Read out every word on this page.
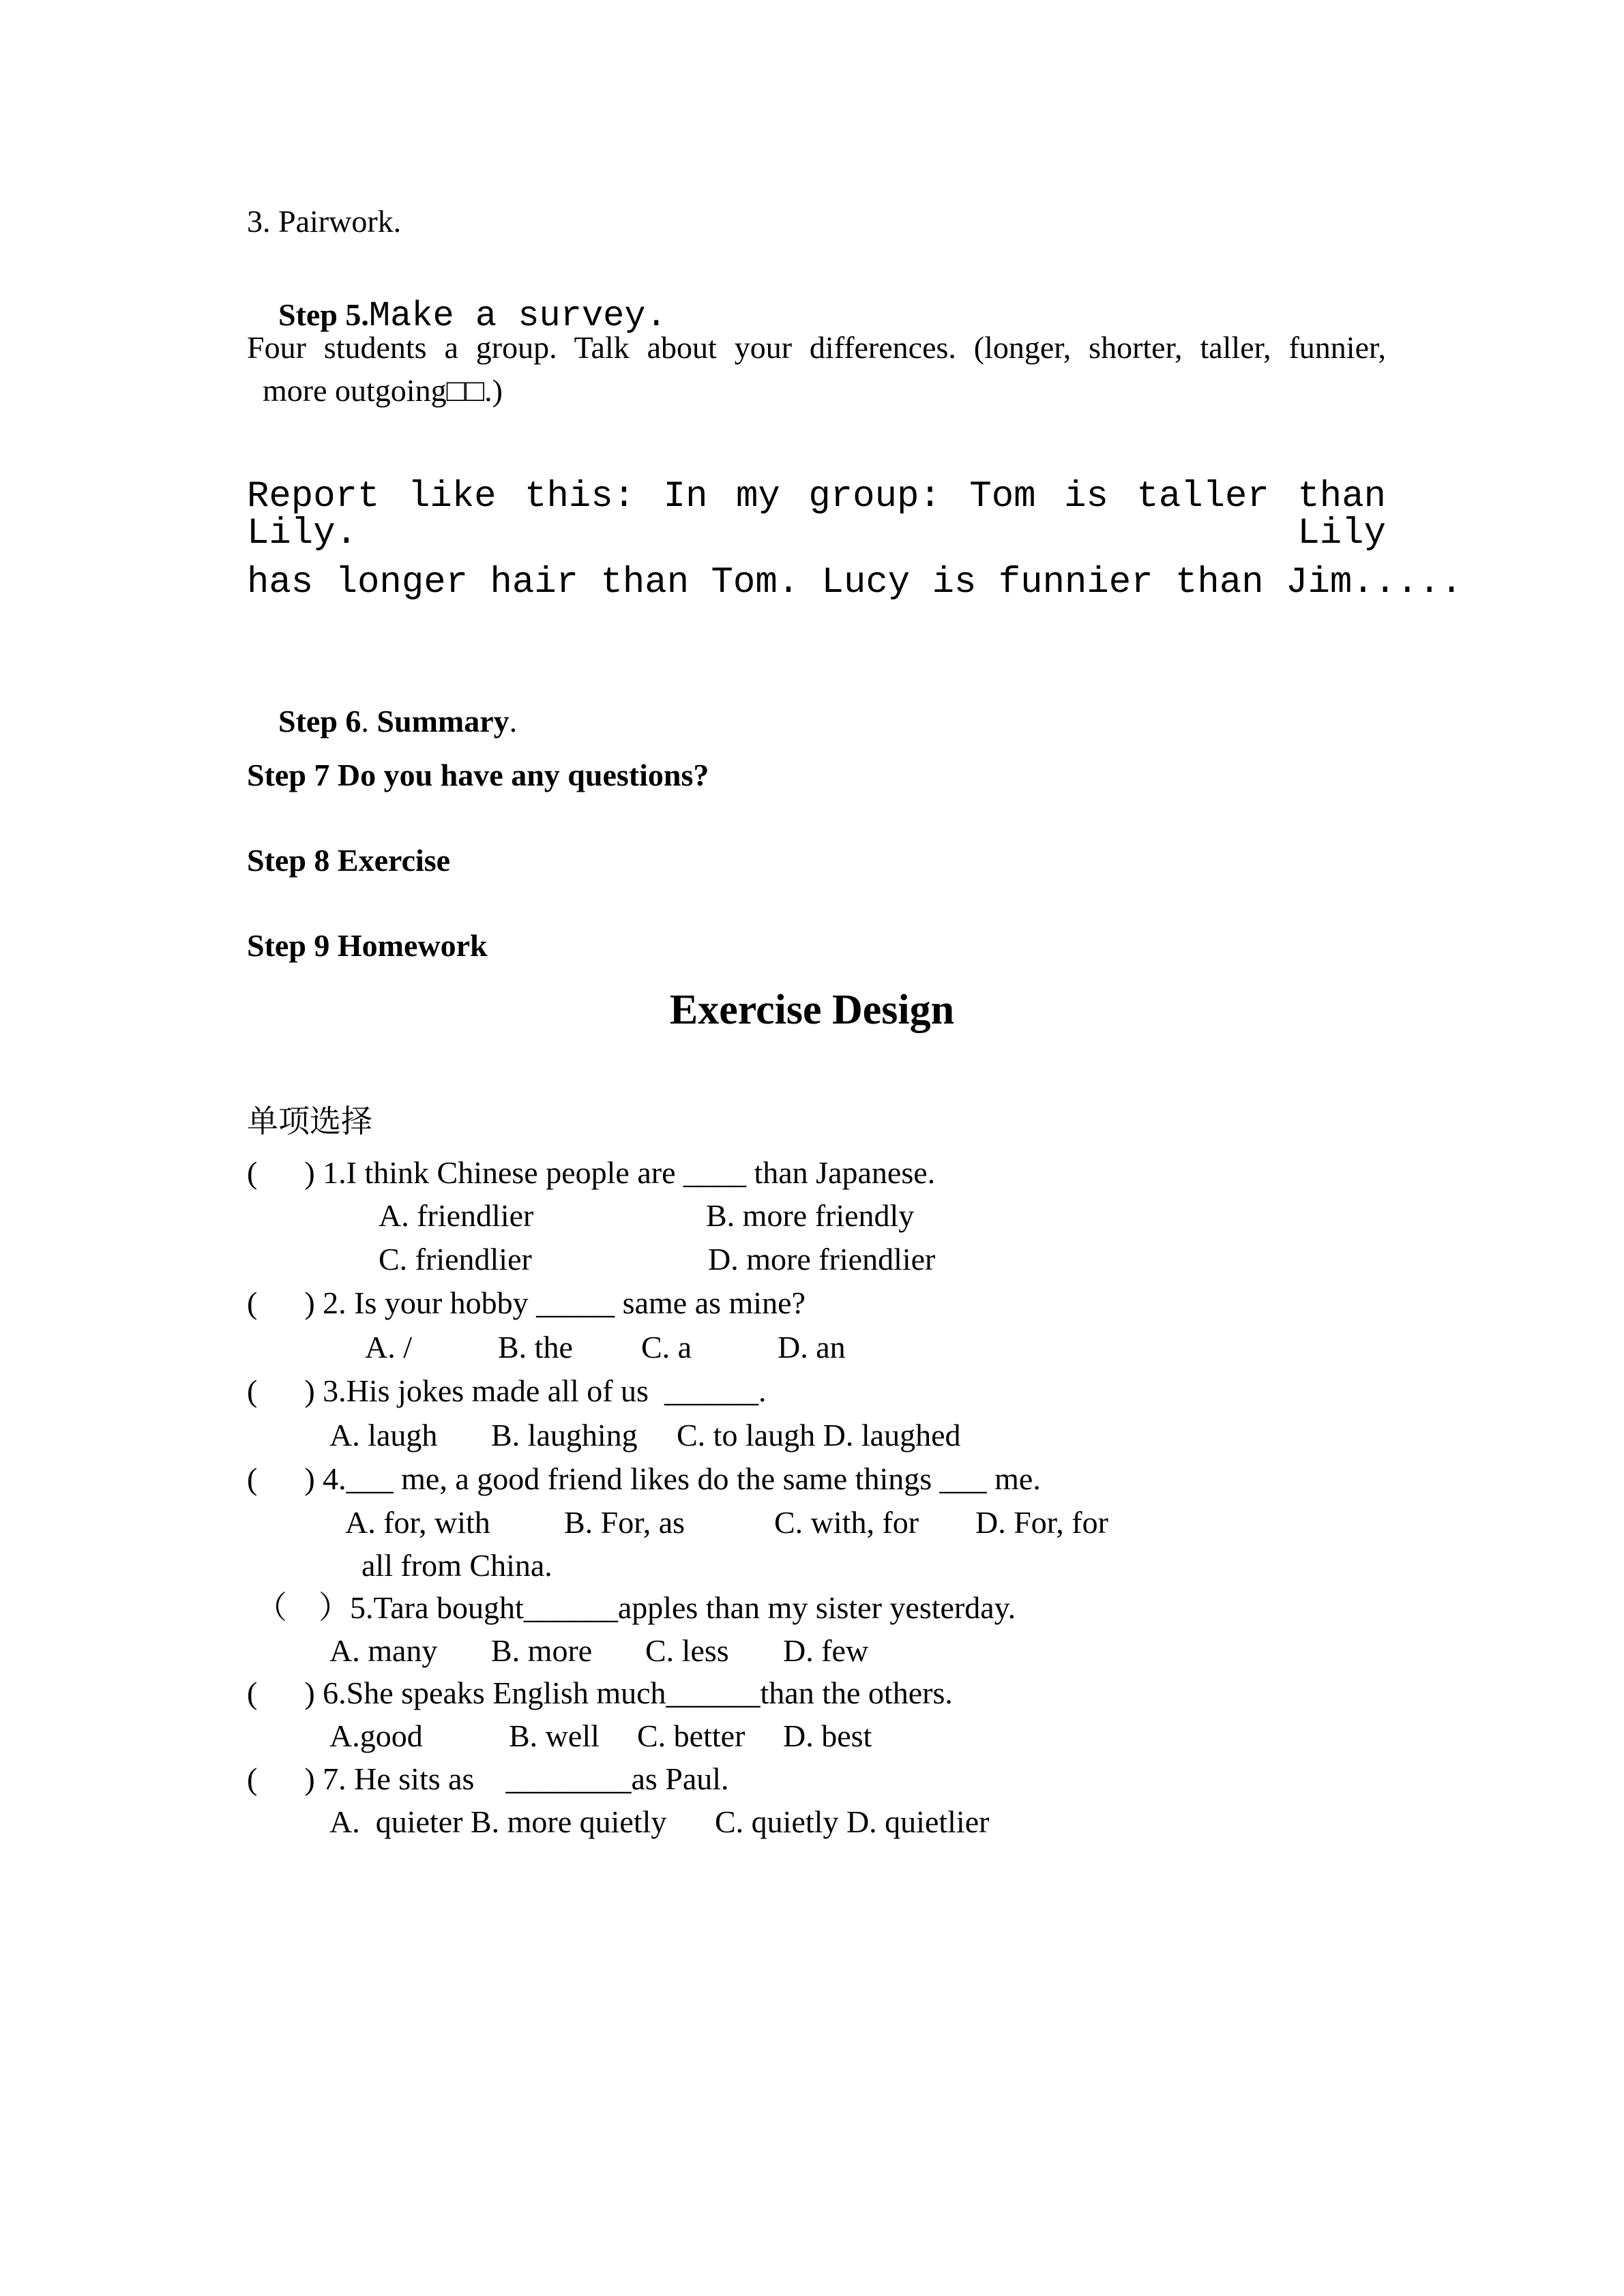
3. Pairwork.

Step 5.Make a survey.

Four students a group. Talk about your differences. (longer, shorter, taller, funnier,
more outgoing□□.)
Report like this: In my group: Tom is taller than Lily. Lily
has longer hair than Tom. Lucy is funnier than Jim.....

Step 6. Summary.

Step 7 Do you have any questions?
Step 8 Exercise
Step 9 Homework
Exercise Design
单项选择
(      ) 1.I think Chinese people are ____ than Japanese.
A. friendlier	B. more friendly
C. friendlier	D. more friendlier
(      ) 2. Is your hobby _____ same as mine?
A. /	B. the C. a	D. an
(      ) 3.His jokes made all of us  ______.
A. laugh B. laughing C. to laugh D. laughed
(      ) 4.___ me, a good friend likes do the same things ___ me.
A. for, with B. For, as	C. with, for D. For, for
all from China.
（    ）5.Tara bought______apples than my sister yesterday.
A. many B. more C. less D. few
(      ) 6.She speaks English much______than the others.
A.good	B. well C. better D. best
(      ) 7. He sits as    ________as Paul.
A.  quieter B. more quietly C. quietly D. quietlier
